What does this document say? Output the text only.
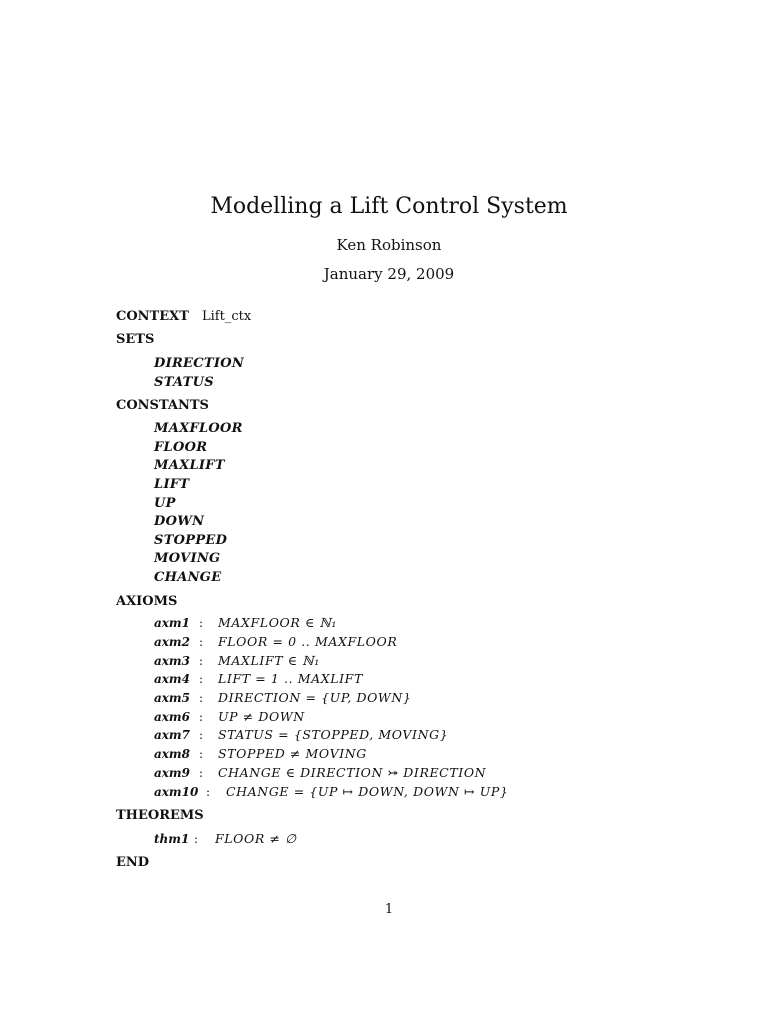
Modelling a Lift Control System
Ken Robinson
January 29, 2009
CONTEXT Lift_ctx
SETS
DIRECTION
STATUS
CONSTANTS
MAXFLOOR
FLOOR
MAXLIFT
LIFT
UP
DOWN
STOPPED
MOVING
CHANGE
AXIOMS
axm1 : MAXFLOOR ∈ ℕ₁
axm2 : FLOOR = 0 .. MAXFLOOR
axm3 : MAXLIFT ∈ ℕ₁
axm4 : LIFT = 1 .. MAXLIFT
axm5 : DIRECTION = {UP, DOWN}
axm6 : UP ≠ DOWN
axm7 : STATUS = {STOPPED, MOVING}
axm8 : STOPPED ≠ MOVING
axm9 : CHANGE ∈ DIRECTION ⤖ DIRECTION
axm10 : CHANGE = {UP ↦ DOWN, DOWN ↦ UP}
THEOREMS
thm1 : FLOOR ≠ ∅
END
1
